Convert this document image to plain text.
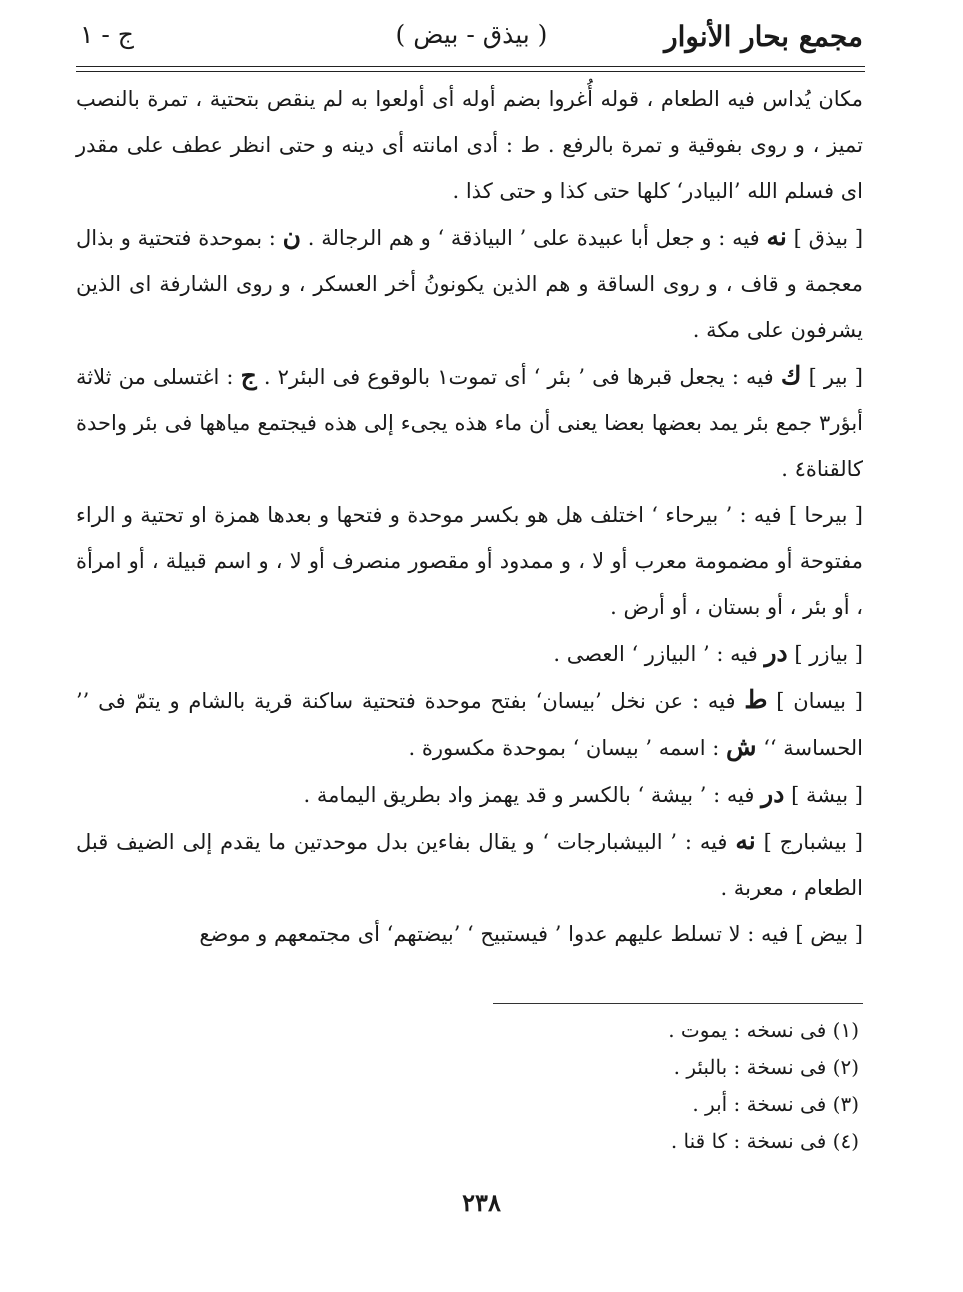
مجمع بحار الأنوار
( بيذق - بيض )
ج - ١

مكان يُداس فيه الطعام ، قوله أُغروا بضم أوله أى أولعوا به لم ينقص بتحتية ، تمرة بالنصب تميز ، و روى بفوقية و تمرة بالرفع . ط : أدى امانته أى دينه و حتى انظر عطف على مقدر اى فسلم الله ’البيادر‘ كلها حتى كذا و حتى كذا .

[ بيذق ] نه فيه : و جعل أبا عبيدة على ’ البياذقة ‘ و هم الرجالة . ن : بموحدة فتحتية و بذال معجمة و قاف ، و روى الساقة و هم الذين يكونونُ أخر العسكر ، و روى الشارفة اى الذين يشرفون على مكة .

[ بير ] ك فيه : يجعل قبرها فى ’ بئر ‘ أى تموت١ بالوقوع فى البئر٢ . ج : اغتسلى من ثلاثة أبؤر٣ جمع بئر يمد بعضها بعضا يعنى أن ماء هذه يجىء إلى هذه فيجتمع مياهها فى بئر واحدة كالقناة٤ .

[ بيرحا ] فيه : ’ بيرحاء ‘ اختلف هل هو بكسر موحدة و فتحها و بعدها همزة او تحتية و الراء مفتوحة أو مضمومة معرب أو لا ، و ممدود أو مقصور منصرف أو لا ، و اسم قبيلة ، أو امرأة ، أو بئر ، أو بستان ، أو أرض .

[ بيازر ] در فيه : ’ البيازر ‘ العصى .

[ بيسان ] ط فيه : عن نخل ’بيسان‘ بفتح موحدة فتحتية ساكنة قرية بالشام و يتمّ فى ’’ الحساسة ‘‘ ش : اسمه ’ بيسان ‘ بموحدة مكسورة .

[ بيشة ] در فيه : ’ بيشة ‘ بالكسر و قد يهمز واد بطريق اليمامة .

[ بيشبارج ] نه فيه : ’ البيشبارجات ‘ و يقال بفاءين بدل موحدتين ما يقدم إلى الضيف قبل الطعام ، معربة .

[ بيض ] فيه : لا تسلط عليهم عدوا ’ فيستبيح ‘ ’بيضتهم‘ أى مجتمعهم و موضع

(١) فى نسخه : يموت .

(٢) فى نسخة : بالبئر .

(٣) فى نسخة : أبر .

(٤) فى نسخة : كا قنا .

٢٣٨
